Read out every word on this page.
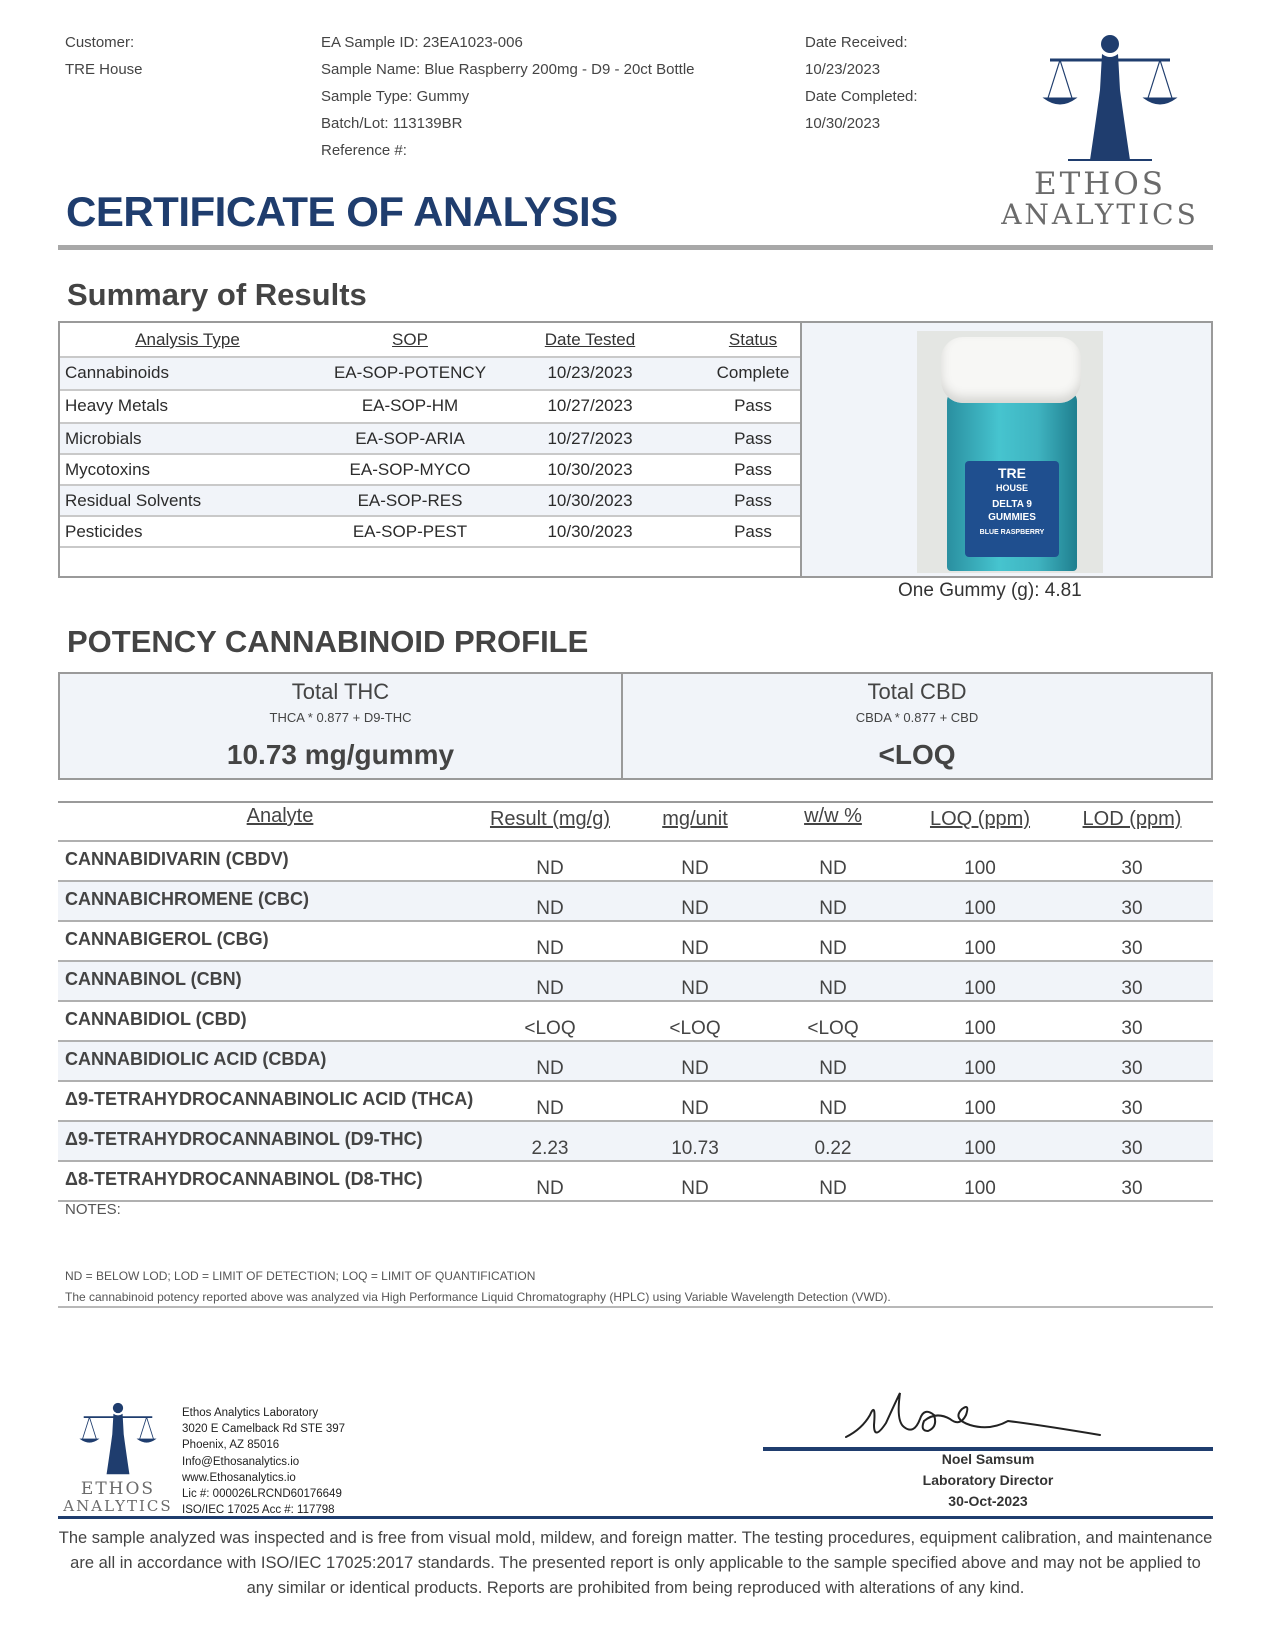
Customer:
TRE House
EA Sample ID: 23EA1023-006
Sample Name: Blue Raspberry 200mg - D9 - 20ct Bottle
Sample Type: Gummy
Batch/Lot: 113139BR
Reference #:
Date Received:
10/23/2023
Date Completed:
10/30/2023
ETHOS
ANALYTICS
CERTIFICATE OF ANALYSIS
Summary of Results
Analysis Type	SOP	Date Tested	Status
Cannabinoids	EA-SOP-POTENCY	10/23/2023	Complete
Heavy Metals	EA-SOP-HM	10/27/2023	Pass
Microbials	EA-SOP-ARIA	10/27/2023	Pass
Mycotoxins	EA-SOP-MYCO	10/30/2023	Pass
Residual Solvents	EA-SOP-RES	10/30/2023	Pass
Pesticides	EA-SOP-PEST	10/30/2023	Pass
TRE
HOUSE
DELTA 9
GUMMIES
BLUE RASPBERRY
One Gummy (g): 4.81
POTENCY CANNABINOID PROFILE
Total THC
THCA * 0.877 + D9-THC
10.73 mg/gummy
Total CBD
CBDA * 0.877 + CBD
<LOQ
Analyte	Result (mg/g)	mg/unit	w/w %	LOQ (ppm)	LOD (ppm)
CANNABIDIVARIN (CBDV)	ND	ND	ND	100	30
CANNABICHROMENE (CBC)	ND	ND	ND	100	30
CANNABIGEROL (CBG)	ND	ND	ND	100	30
CANNABINOL (CBN)	ND	ND	ND	100	30
CANNABIDIOL (CBD)	<LOQ	<LOQ	<LOQ	100	30
CANNABIDIOLIC ACID (CBDA)	ND	ND	ND	100	30
Δ9-TETRAHYDROCANNABINOLIC ACID (THCA)	ND	ND	ND	100	30
Δ9-TETRAHYDROCANNABINOL (D9-THC)	2.23	10.73	0.22	100	30
Δ8-TETRAHYDROCANNABINOL (D8-THC)	ND	ND	ND	100	30
NOTES:
ND = BELOW LOD; LOD = LIMIT OF DETECTION; LOQ = LIMIT OF QUANTIFICATION
The cannabinoid potency reported above was analyzed via High Performance Liquid Chromatography (HPLC) using Variable Wavelength Detection (VWD).
ETHOS
ANALYTICS
Ethos Analytics Laboratory
3020 E Camelback Rd STE 397
Phoenix, AZ 85016
Info@Ethosanalytics.io
www.Ethosanalytics.io
Lic #: 000026LRCND60176649
ISO/IEC 17025 Acc #: 117798
Noel Samsum
Laboratory Director
30-Oct-2023
The sample analyzed was inspected and is free from visual mold, mildew, and foreign matter. The testing procedures, equipment calibration, and maintenance are all in accordance with ISO/IEC 17025:2017 standards. The presented report is only applicable to the sample specified above and may not be applied to any similar or identical products. Reports are prohibited from being reproduced with alterations of any kind.
